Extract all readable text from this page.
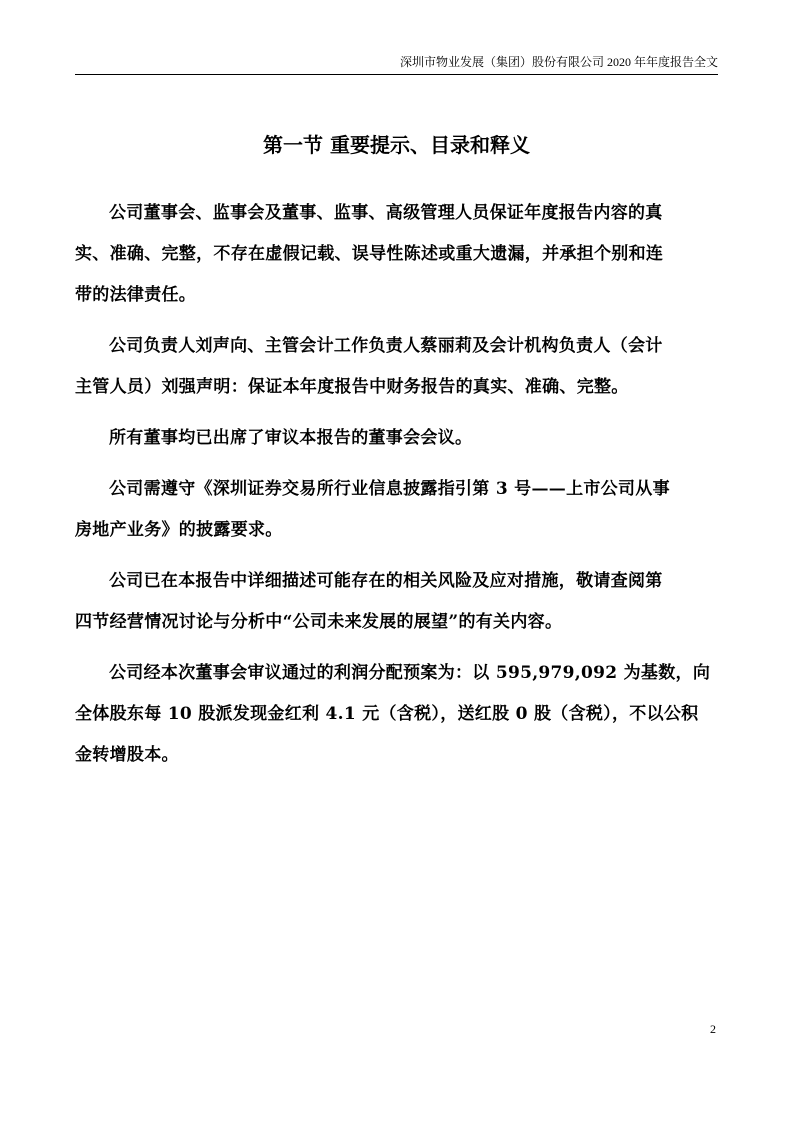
深圳市物业发展（集团）股份有限公司 2020 年年度报告全文
第一节 重要提示、目录和释义

公司董事会、监事会及董事、监事、高级管理人员保证年度报告内容的真
实、准确、完整，不存在虚假记载、误导性陈述或重大遗漏，并承担个别和连
带的法律责任。

公司负责人刘声向、主管会计工作负责人蔡丽莉及会计机构负责人（会计
主管人员）刘强声明：保证本年度报告中财务报告的真实、准确、完整。

所有董事均已出席了审议本报告的董事会会议。

公司需遵守《深圳证券交易所行业信息披露指引第 3 号——上市公司从事
房地产业务》的披露要求。

公司已在本报告中详细描述可能存在的相关风险及应对措施，敬请查阅第
四节经营情况讨论与分析中“公司未来发展的展望”的有关内容。

公司经本次董事会审议通过的利润分配预案为：以 595,979,092 为基数，向
全体股东每 10 股派发现金红利 4.1 元（含税），送红股 0 股（含税），不以公积
金转增股本。

2
